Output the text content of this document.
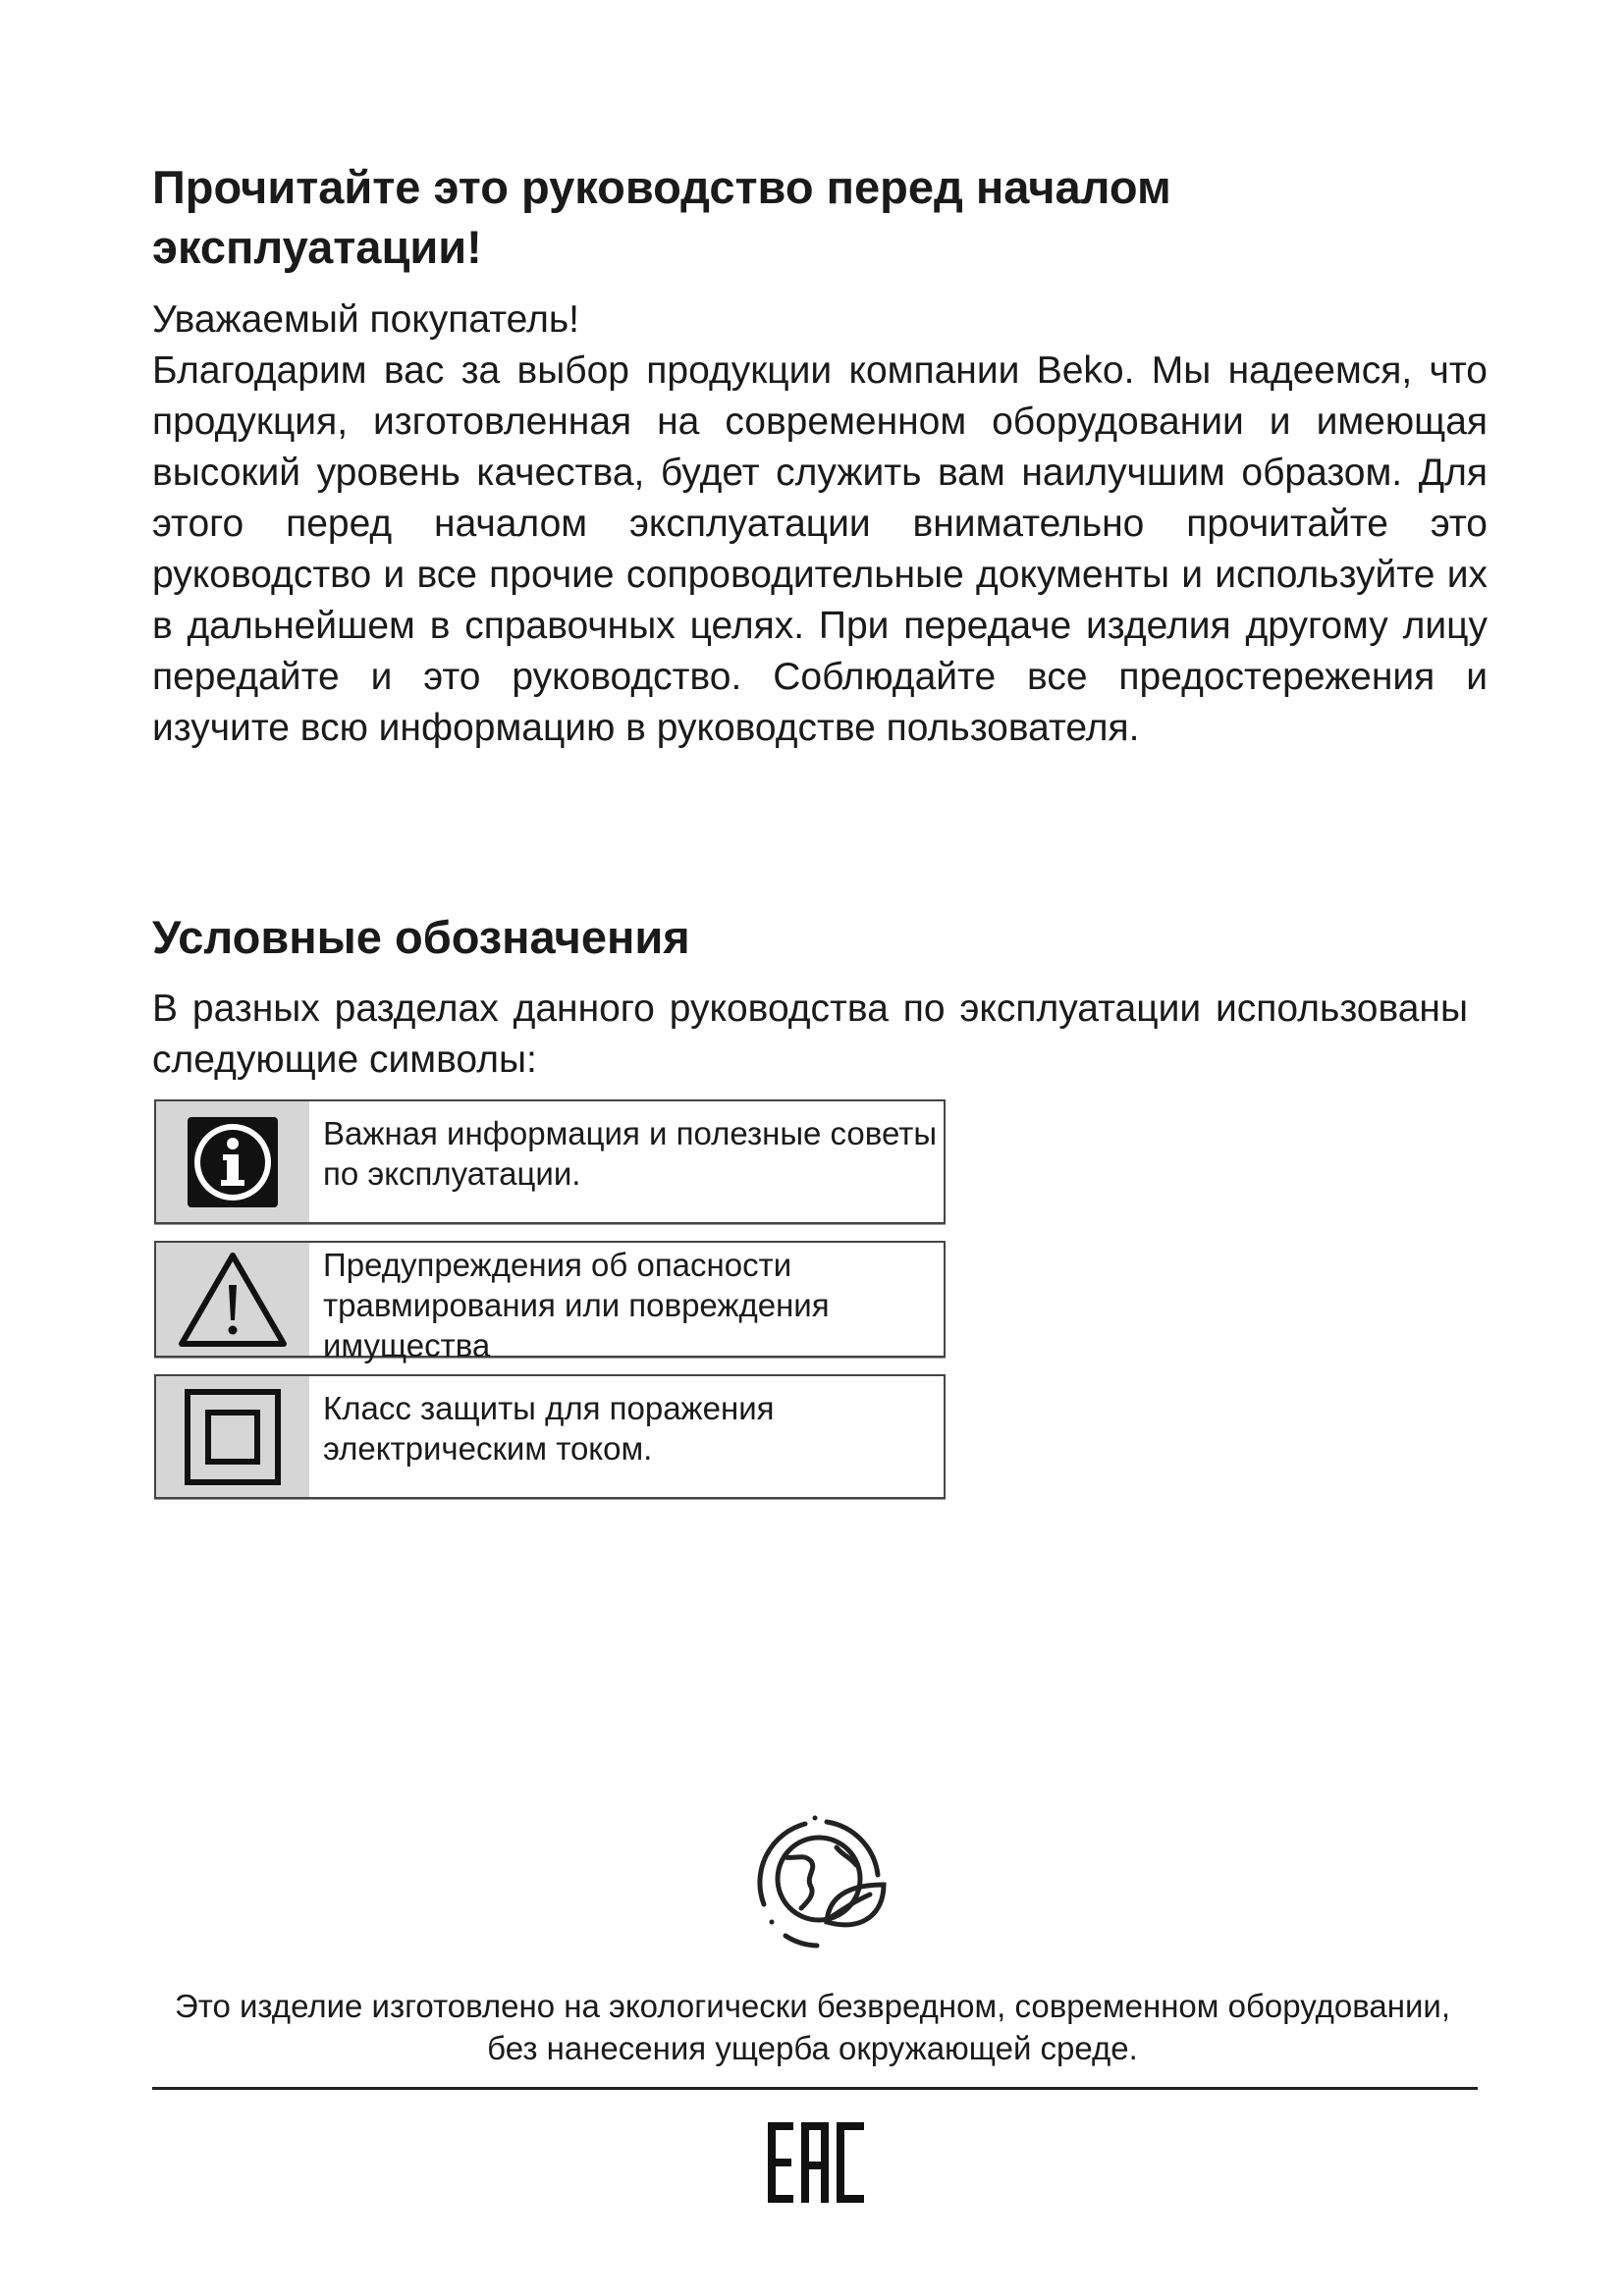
Прочитайте это руководство перед началом эксплуатации!

Уважаемый покупатель!

Благодарим вас за выбор продукции компании Beko. Мы надеемся, что продукция, изготовленная на современном оборудовании и имеющая высокий уровень качества, будет служить вам наилучшим образом. Для этого перед началом эксплуатации внимательно прочитайте это руководство и все прочие сопроводительные документы и используйте их в дальнейшем в справочных целях. При передаче изделия другому лицу передайте и это руководство. Соблюдайте все предостережения и изучите всю информацию в руководстве пользователя.

Условные обозначения

В разных разделах данного руководства по эксплуатации использованы следующие символы:

Важная информация и полезные советы по эксплуатации.
Предупреждения об опасности травмирования или повреждения имущества
Класс защиты для поражения электрическим током.

Это изделие изготовлено на экологически безвредном, современном оборудовании, без нанесения ущерба окружающей среде.
